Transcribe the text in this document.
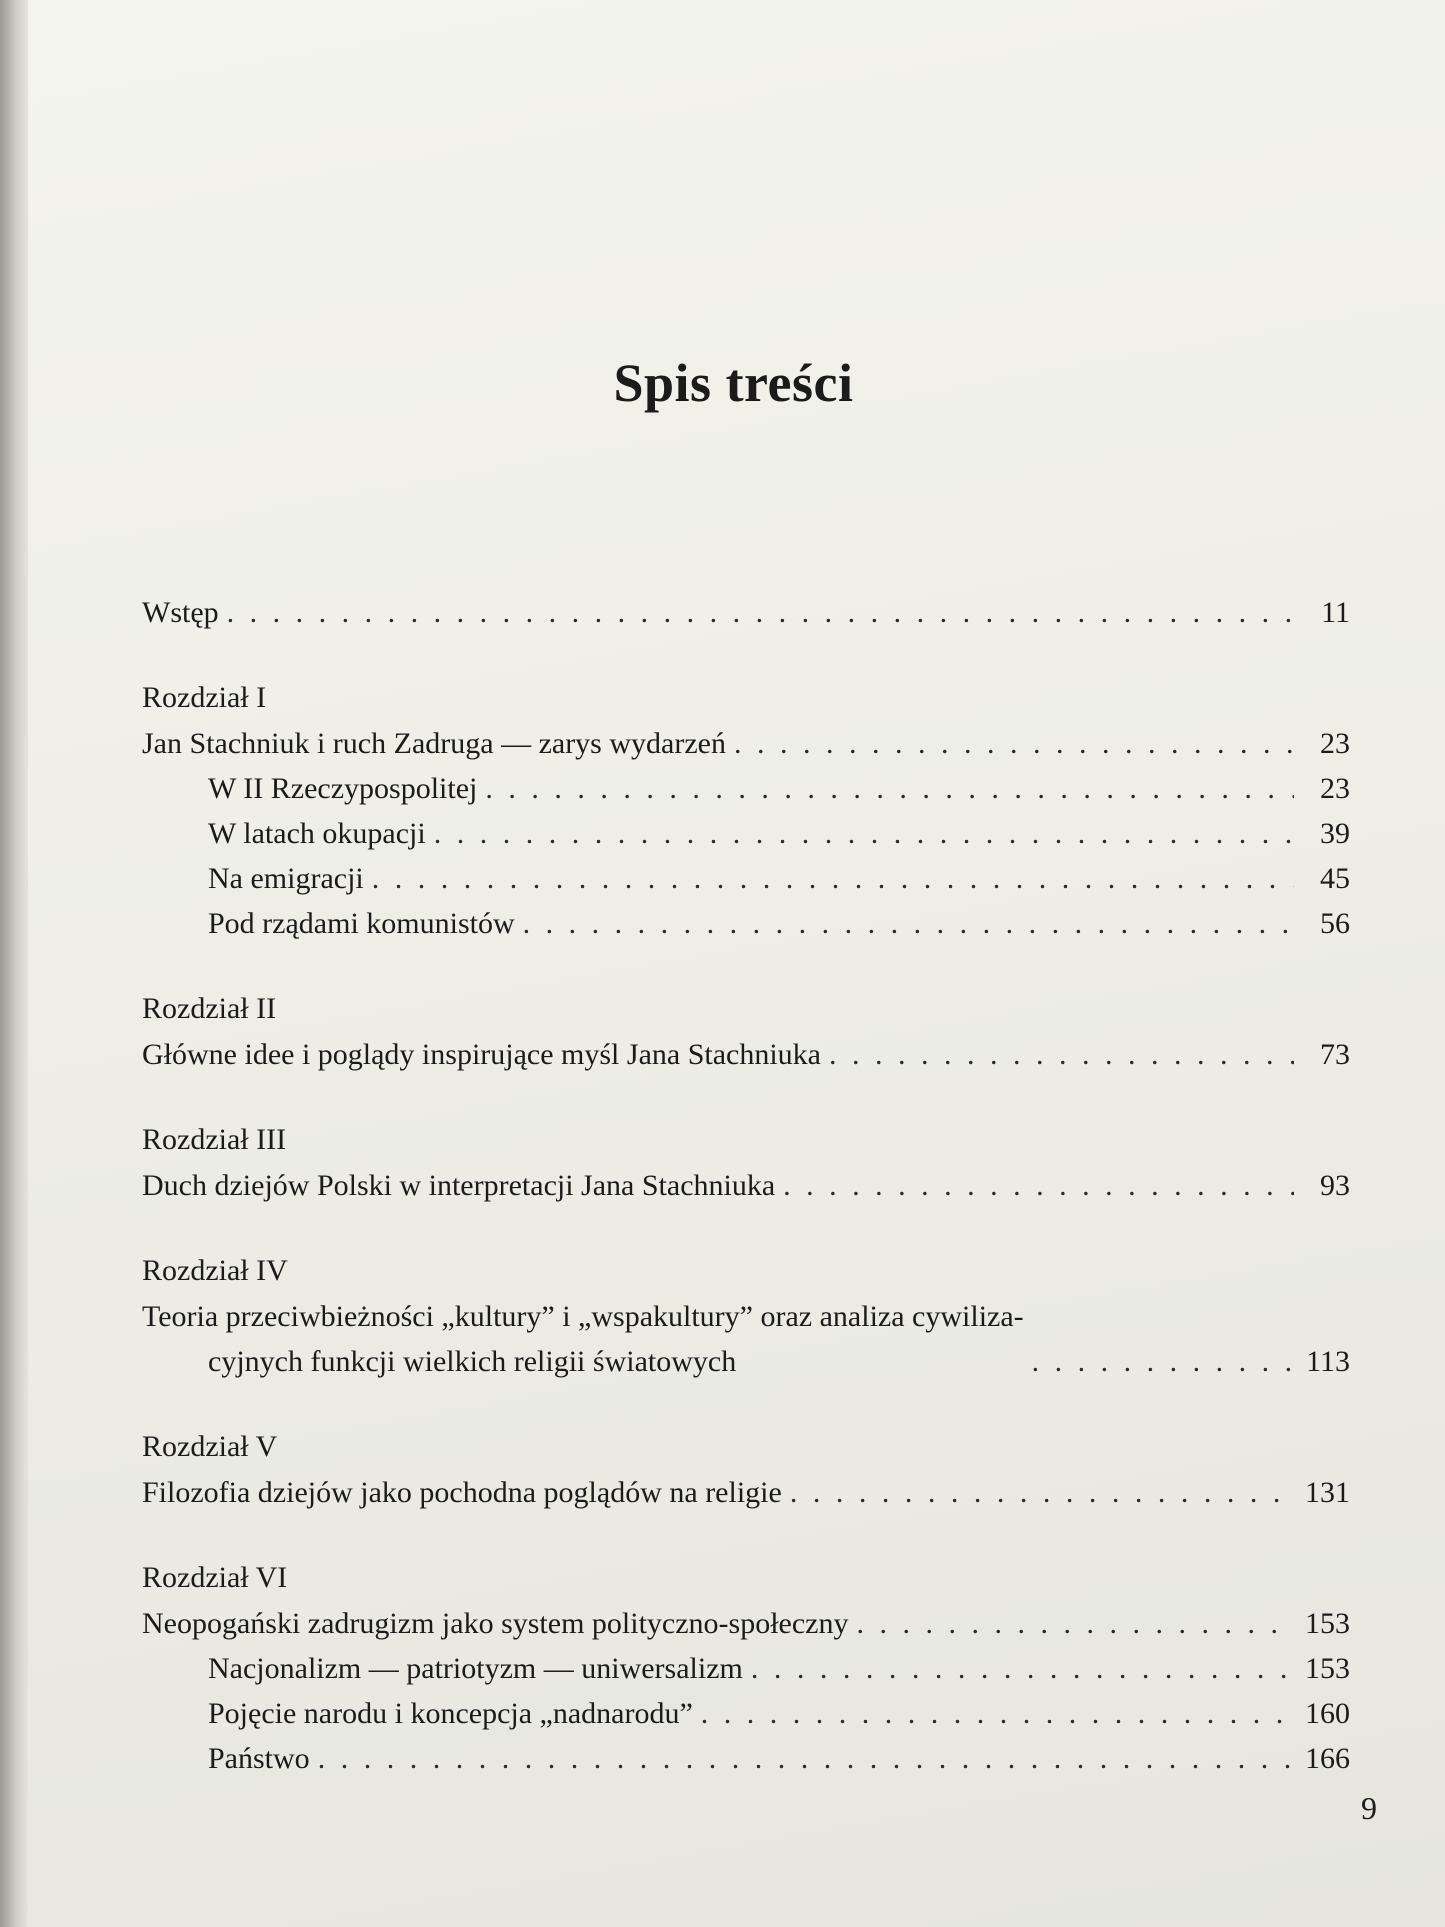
Spis treści
Wstęp . . .	11
Rozdział I
Jan Stachniuk i ruch Zadruga — zarys wydarzeń . . .	23
W II Rzeczypospolitej . . .	23
W latach okupacji . . .	39
Na emigracji . . .	45
Pod rządami komunistów . . .	56
Rozdział II
Główne idee i poglądy inspirujące myśl Jana Stachniuka . . .	73
Rozdział III
Duch dziejów Polski w interpretacji Jana Stachniuka . . .	93
Rozdział IV
Teoria przeciwbieżności „kultury” i „wspakultury” oraz analiza cywiliza-
cyjnych funkcji wielkich religii światowych . . .	113
Rozdział V
Filozofia dziejów jako pochodna poglądów na religie . . .	131
Rozdział VI
Neopogański zadrugizm jako system polityczno-społeczny . . .	153
Nacjonalizm — patriotyzm — uniwersalizm . . .	153
Pojęcie narodu i koncepcja „nadnarodu” . . .	160
Państwo . . .	166
9
